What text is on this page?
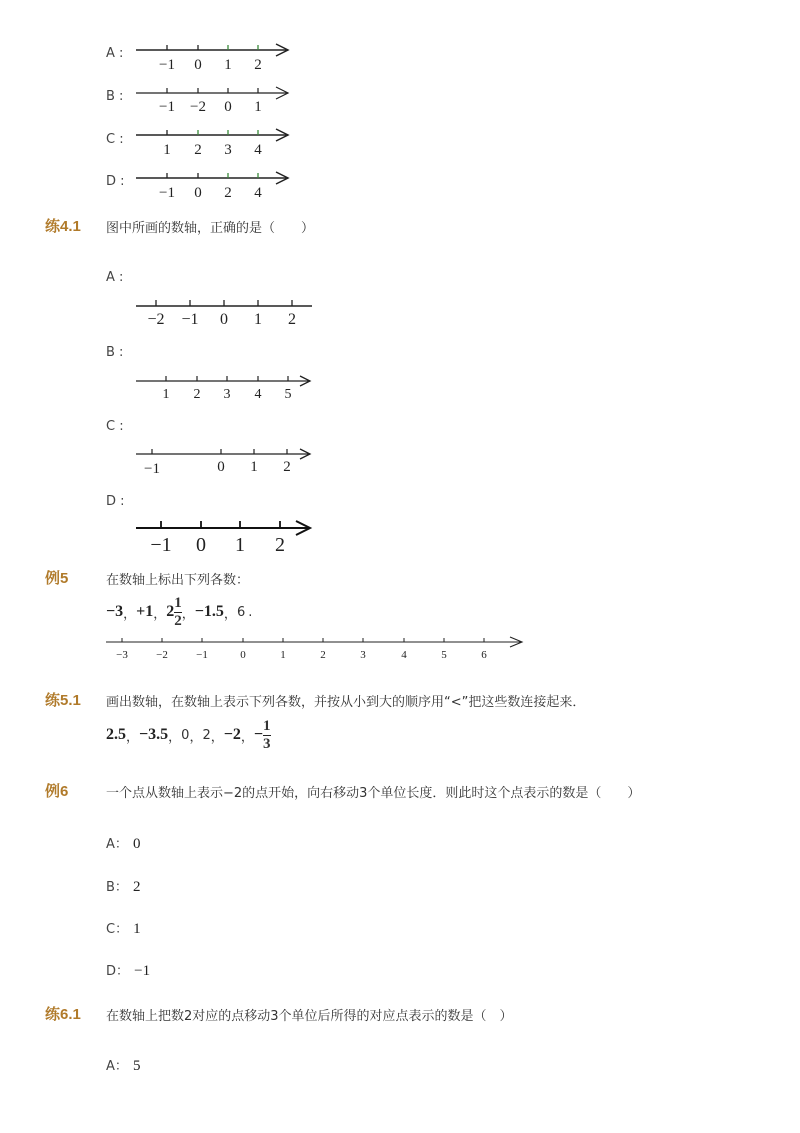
A :
−1 0 1 2
B :
−1 −2 0 1
C :
1 2 3 4
D :
−1 0 2 4
练4.1 图中所画的数轴，正确的是（　　）
A :
−2 −1 0 1 2
B :
1 2 3 4 5
C :
−1	0 1 2
D :
−1 0 1 2
例5	在数轴上标出下列各数：
−3 ， +1 ， $2 \frac{1}{2}$ ， −1.5 ， 6 .
−3	−2	−1	0	1	2	3	4	5	6
练5.1 画出数轴，在数轴上表示下列各数，并按从小到大的顺序用“<”把这些数连接起来．
2.5 ， −3.5 ， 0 ， 2 ， −2 ， − $\frac{1}{3}$
例6	一个点从数轴上表示−2的点开始，向右移动3个单位长度．则此时这个点表示的数是（　　）
A： 0
B： 2
C： 1
D： −1
练6.1 在数轴上把数2对应的点移动3个单位后所得的对应点表示的数是（　）
A： 5
